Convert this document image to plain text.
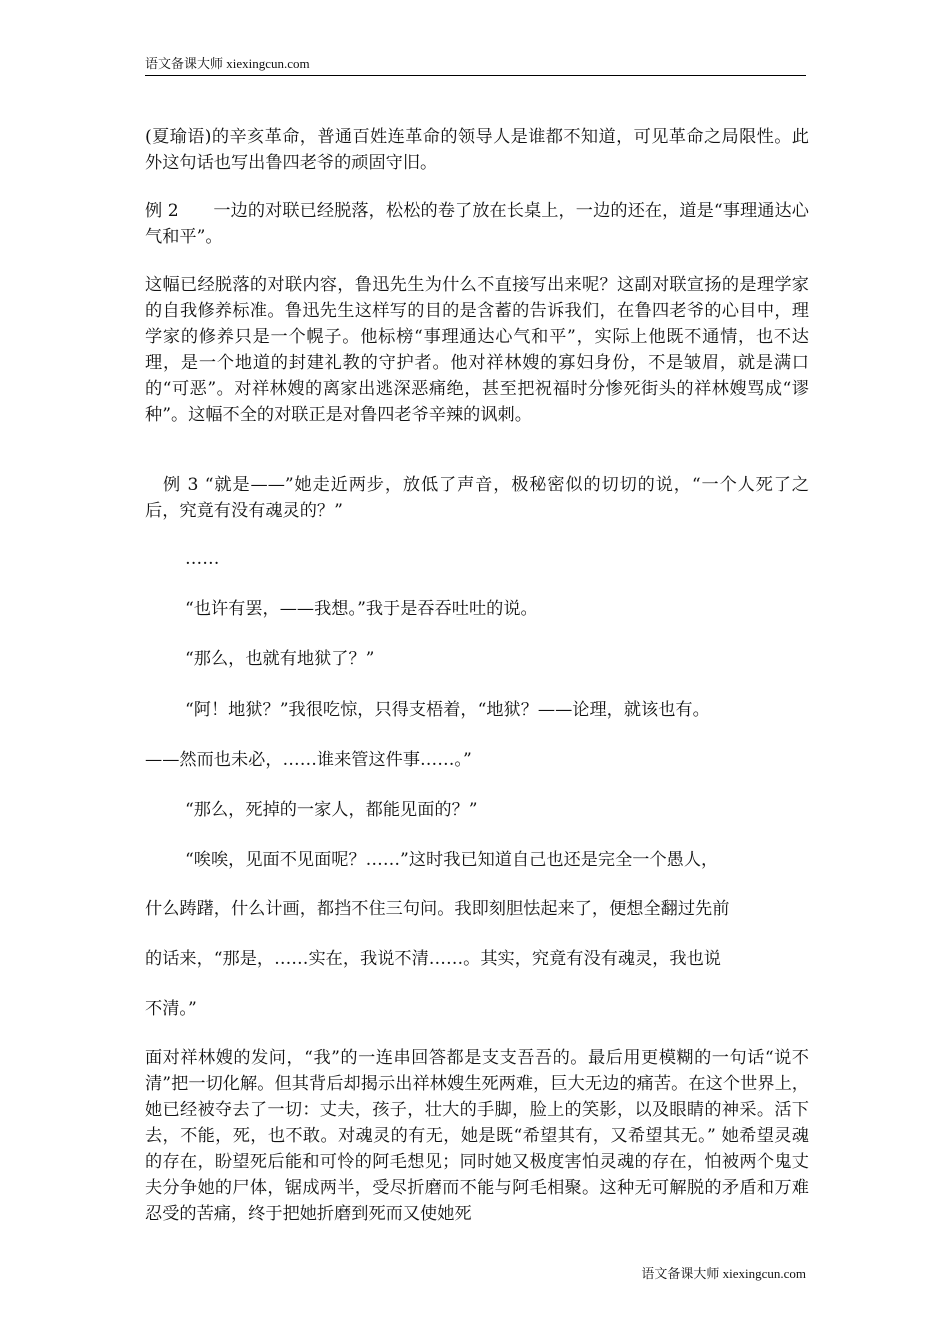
语文备课大师 xiexingcun.com

(夏瑜语)的辛亥革命，普通百姓连革命的领导人是谁都不知道，可见革命之局限性。此外这句话也写出鲁四老爷的顽固守旧。

例 2　　一边的对联已经脱落，松松的卷了放在长桌上，一边的还在，道是“事理通达心气和平”。

这幅已经脱落的对联内容，鲁迅先生为什么不直接写出来呢？这副对联宣扬的是理学家的自我修养标准。鲁迅先生这样写的目的是含蓄的告诉我们，在鲁四老爷的心目中，理学家的修养只是一个幌子。他标榜“事理通达心气和平”，实际上他既不通情，也不达理，是一个地道的封建礼教的守护者。他对祥林嫂的寡妇身份，不是皱眉，就是满口的“可恶”。对祥林嫂的离家出逃深恶痛绝，甚至把祝福时分惨死街头的祥林嫂骂成“谬种”。这幅不全的对联正是对鲁四老爷辛辣的讽刺。

　例 3 “就是——”她走近两步，放低了声音，极秘密似的切切的说，“一个人死了之后，究竟有没有魂灵的？”

……

“也许有罢，——我想。”我于是吞吞吐吐的说。

“那么，也就有地狱了？”

“阿！地狱？”我很吃惊，只得支梧着，“地狱？——论理，就该也有。

——然而也未必，……谁来管这件事……。”

“那么，死掉的一家人，都能见面的？”

“唉唉，见面不见面呢？……”这时我已知道自己也还是完全一个愚人，

什么踌躇，什么计画，都挡不住三句问。我即刻胆怯起来了，便想全翻过先前

的话来，“那是，……实在，我说不清……。其实，究竟有没有魂灵，我也说

不清。”

面对祥林嫂的发问，“我”的一连串回答都是支支吾吾的。最后用更模糊的一句话“说不清”把一切化解。但其背后却揭示出祥林嫂生死两难，巨大无边的痛苦。在这个世界上，她已经被夺去了一切：丈夫，孩子，壮大的手脚，脸上的笑影，以及眼睛的神采。活下去，不能，死，也不敢。对魂灵的有无，她是既“希望其有，又希望其无。” 她希望灵魂的存在，盼望死后能和可怜的阿毛想见；同时她又极度害怕灵魂的存在，怕被两个鬼丈夫分争她的尸体，锯成两半，受尽折磨而不能与阿毛相聚。这种无可解脱的矛盾和万难忍受的苦痛，终于把她折磨到死而又使她死

语文备课大师 xiexingcun.com
